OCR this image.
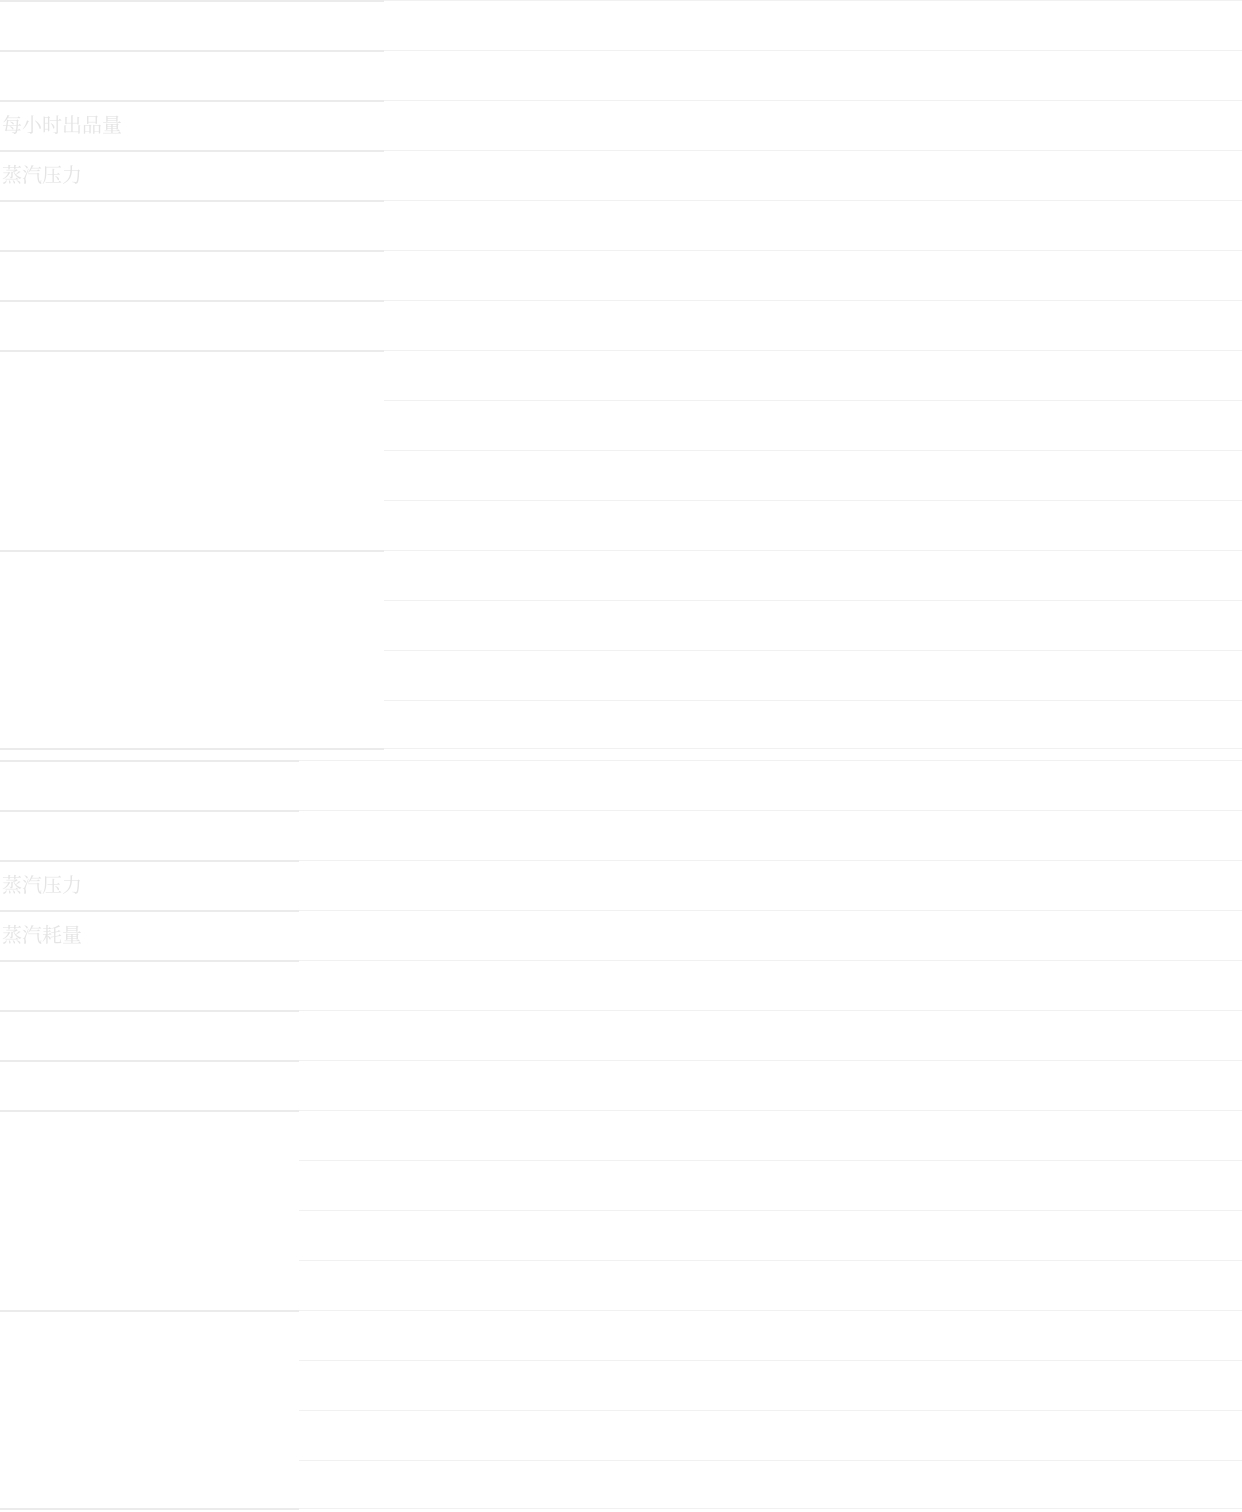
每小时出品量
蒸汽压力
蒸汽压力
蒸汽耗量
